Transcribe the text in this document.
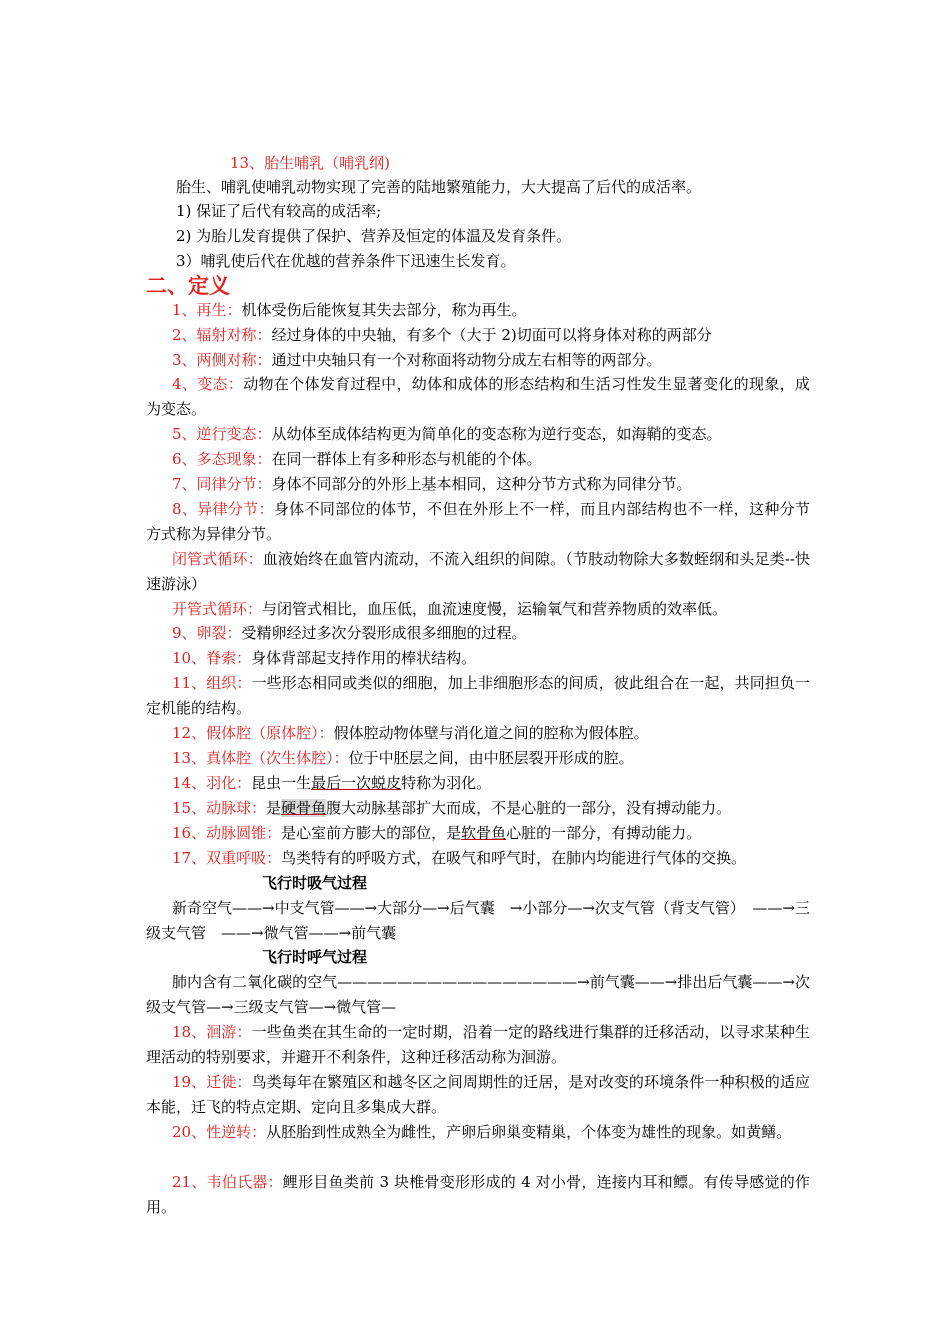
13、胎生哺乳（哺乳纲)
胎生、哺乳使哺乳动物实现了完善的陆地繁殖能力，大大提高了后代的成活率。
1) 保证了后代有较高的成活率;
2) 为胎儿发育提供了保护、营养及恒定的体温及发育条件。
3）哺乳使后代在优越的营养条件下迅速生长发育。
二、定义
1、再生：机体受伤后能恢复其失去部分，称为再生。
2、辐射对称：经过身体的中央轴，有多个（大于 2)切面可以将身体对称的两部分
3、两侧对称：通过中央轴只有一个对称面将动物分成左右相等的两部分。
4、变态：动物在个体发育过程中，幼体和成体的形态结构和生活习性发生显著变化的现象，成为变态。
5、逆行变态：从幼体至成体结构更为简单化的变态称为逆行变态，如海鞘的变态。
6、多态现象：在同一群体上有多种形态与机能的个体。
7、同律分节：身体不同部分的外形上基本相同，这种分节方式称为同律分节。
8、异律分节：身体不同部位的体节，不但在外形上不一样，而且内部结构也不一样，这种分节方式称为异律分节。
闭管式循环：血液始终在血管内流动，不流入组织的间隙。（节肢动物除大多数蛭纲和头足类--快速游泳）
开管式循环：与闭管式相比，血压低，血流速度慢，运输氧气和营养物质的效率低。
9、卵裂：受精卵经过多次分裂形成很多细胞的过程。
10、脊索：身体背部起支持作用的棒状结构。
11、组织：一些形态相同或类似的细胞，加上非细胞形态的间质，彼此组合在一起，共同担负一定机能的结构。
12、假体腔（原体腔）：假体腔动物体壁与消化道之间的腔称为假体腔。
13、真体腔（次生体腔）：位于中胚层之间，由中胚层裂开形成的腔。
14、羽化：昆虫一生最后一次蜕皮特称为羽化。
15、动脉球：是硬骨鱼腹大动脉基部扩大而成，不是心脏的一部分，没有搏动能力。
16、动脉圆锥：是心室前方膨大的部位，是软骨鱼心脏的一部分，有搏动能力。
17、双重呼吸：鸟类特有的呼吸方式，在吸气和呼气时，在肺内均能进行气体的交换。
飞行时吸气过程
新奇空气——→中支气管——→大部分—→后气囊　→小部分—→次支气管（背支气管）　——→三级支气管　——→微气管——→前气囊
飞行时呼气过程
肺内含有二氧化碳的空气————————————————→前气囊——→排出后气囊——→次级支气管—→三级支气管—→微气管—
18、洄游：一些鱼类在其生命的一定时期，沿着一定的路线进行集群的迁移活动，以寻求某种生理活动的特别要求，并避开不利条件，这种迁移活动称为洄游。
19、迁徙：鸟类每年在繁殖区和越冬区之间周期性的迁居，是对改变的环境条件一种积极的适应本能，迁飞的特点定期、定向且多集成大群。
20、性逆转：从胚胎到性成熟全为雌性，产卵后卵巢变精巢，个体变为雄性的现象。如黄鳝。
21、韦伯氏器：鲤形目鱼类前 3 块椎骨变形形成的 4 对小骨，连接内耳和鳔。有传导感觉的作用。
